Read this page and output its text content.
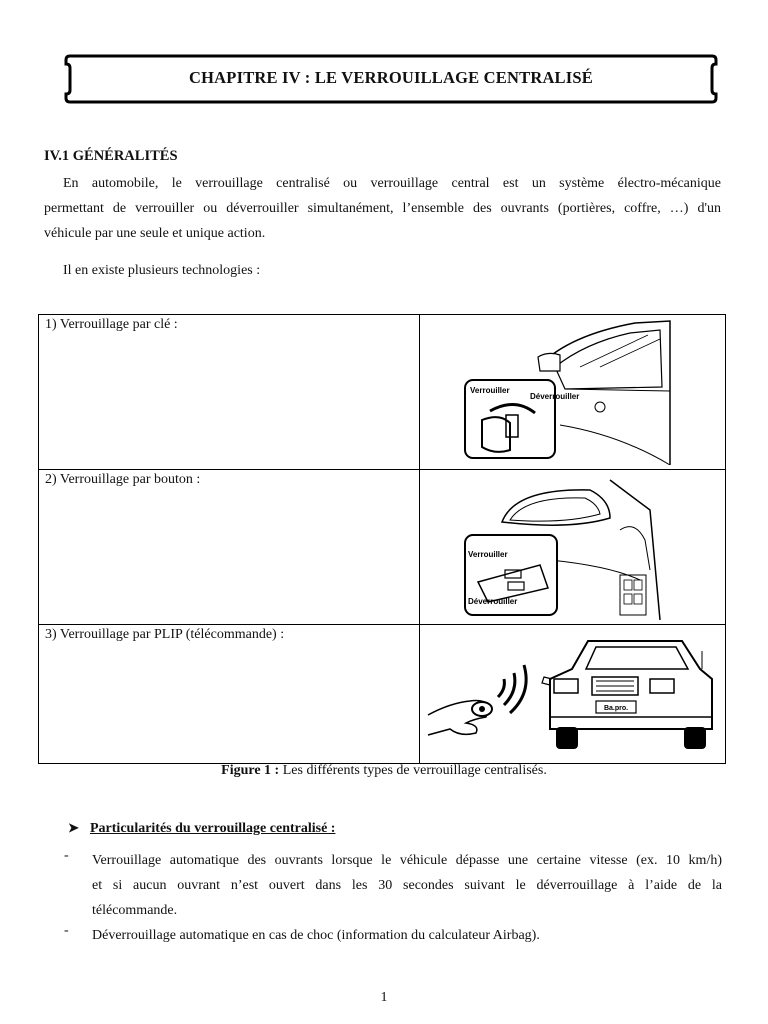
CHAPITRE IV : LE VERROUILLAGE CENTRALISÉ
IV.1 GÉNÉRALITÉS
En automobile, le verrouillage centralisé ou verrouillage central est un système électro-mécanique
permettant de verrouiller ou déverrouiller simultanément, l’ensemble des ouvrants (portières, coffre, …) d'un
véhicule par une seule et unique action.
Il en existe plusieurs technologies :
1) Verrouillage par clé :	Verrouiller
Déverrouiller

2) Verrouillage par bouton :	Verrouiller
Déverrouiller

3) Verrouillage par PLIP (télécommande) :	Ba.pro.
Figure 1 : Les différents types de verrouillage centralisés.
➤ Particularités du verrouillage centralisé :
- Verrouillage automatique des ouvrants lorsque le véhicule dépasse une certaine vitesse (ex. 10 km/h)
et si aucun ouvrant n’est ouvert dans les 30 secondes suivant le déverrouillage à l’aide de la
télécommande.
- Déverrouillage automatique en cas de choc (information du calculateur Airbag).
1
